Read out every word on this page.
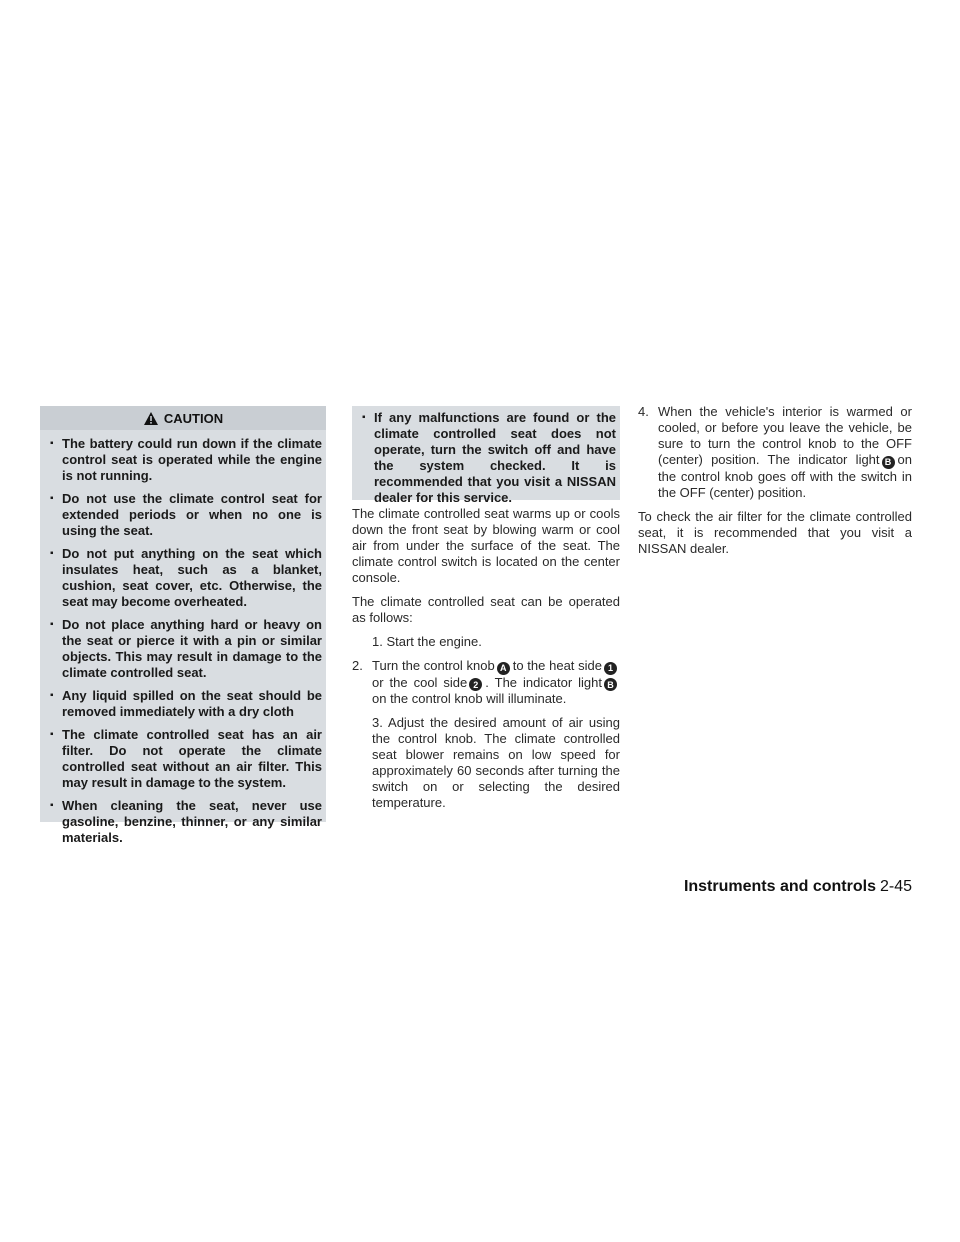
CAUTION
▪ The battery could run down if the climate control seat is operated while the engine is not running.
▪ Do not use the climate control seat for extended periods or when no one is using the seat.
▪ Do not put anything on the seat which insulates heat, such as a blanket, cushion, seat cover, etc. Otherwise, the seat may become overheated.
▪ Do not place anything hard or heavy on the seat or pierce it with a pin or similar objects. This may result in damage to the climate controlled seat.
▪ Any liquid spilled on the seat should be removed immediately with a dry cloth
▪ The climate controlled seat has an air filter. Do not operate the climate controlled seat without an air filter. This may result in damage to the system.
▪ When cleaning the seat, never use gasoline, benzine, thinner, or any similar materials.
▪ If any malfunctions are found or the climate controlled seat does not operate, turn the switch off and have the system checked. It is recommended that you visit a NISSAN dealer for this service.

The climate controlled seat warms up or cools down the front seat by blowing warm or cool air from under the surface of the seat. The climate control switch is located on the center console.

The climate controlled seat can be operated as follows:

1. Start the engine.
2. Turn the control knob A to the heat side 1or the cool side 2 . The indicator light Bon the control knob will illuminate.
3. Adjust the desired amount of air using the control knob. The climate controlled seat blower remains on low speed for approximately 60 seconds after turning the switch on or selecting the desired temperature.
4. When the vehicle's interior is warmed or cooled, or before you leave the vehicle, be sure to turn the control knob to the OFF (center) position. The indicator light B on the control knob goes off with the switch in the OFF (center) position.

To check the air filter for the climate controlled seat, it is recommended that you visit a NISSAN dealer.

Instruments and controls 2-45
